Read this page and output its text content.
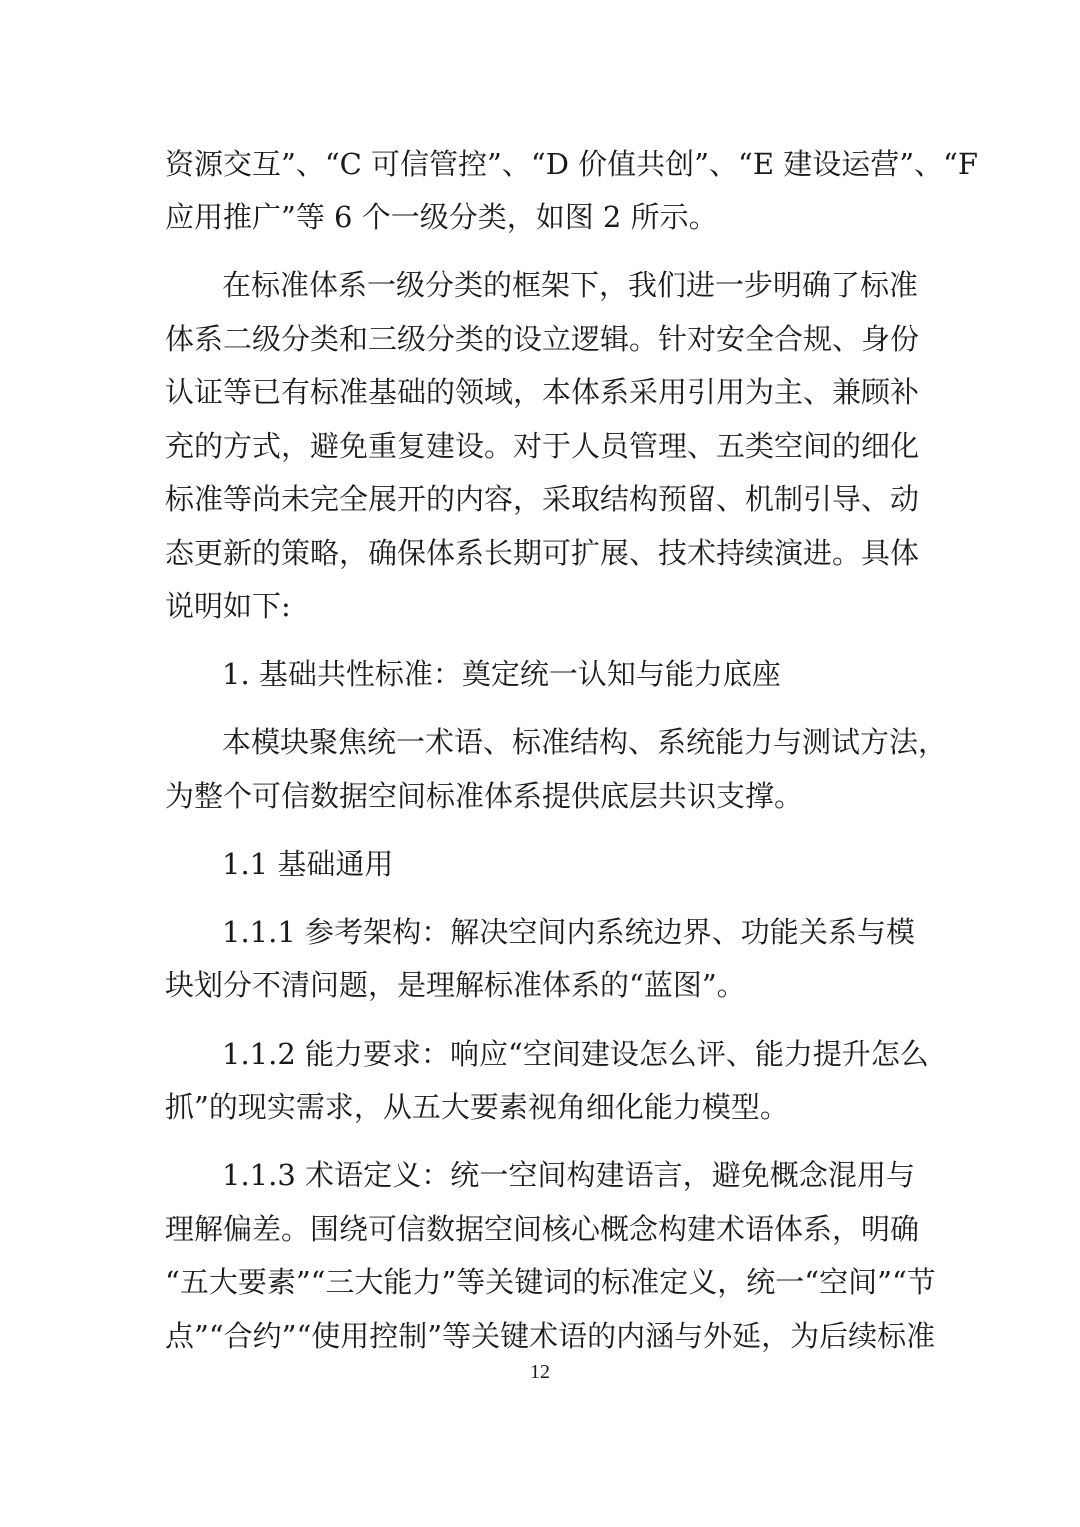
资源交互”、“C 可信管控”、“D 价值共创”、“E 建设运营”、“F
应用推广”等 6 个一级分类，如图 2 所示。
在标准体系一级分类的框架下，我们进一步明确了标准
体系二级分类和三级分类的设立逻辑。针对安全合规、身份
认证等已有标准基础的领域，本体系采用引用为主、兼顾补
充的方式，避免重复建设。对于人员管理、五类空间的细化
标准等尚未完全展开的内容，采取结构预留、机制引导、动
态更新的策略，确保体系长期可扩展、技术持续演进。具体
说明如下:
1. 基础共性标准：奠定统一认知与能力底座
本模块聚焦统一术语、标准结构、系统能力与测试方法，
为整个可信数据空间标准体系提供底层共识支撑。
1.1 基础通用
1.1.1 参考架构：解决空间内系统边界、功能关系与模
块划分不清问题，是理解标准体系的“蓝图”。
1.1.2 能力要求：响应“空间建设怎么评、能力提升怎么
抓”的现实需求，从五大要素视角细化能力模型。
1.1.3 术语定义：统一空间构建语言，避免概念混用与
理解偏差。围绕可信数据空间核心概念构建术语体系，明确
“五大要素”“三大能力”等关键词的标准定义，统一“空间”“节
点”“合约”“使用控制”等关键术语的内涵与外延，为后续标准
12
